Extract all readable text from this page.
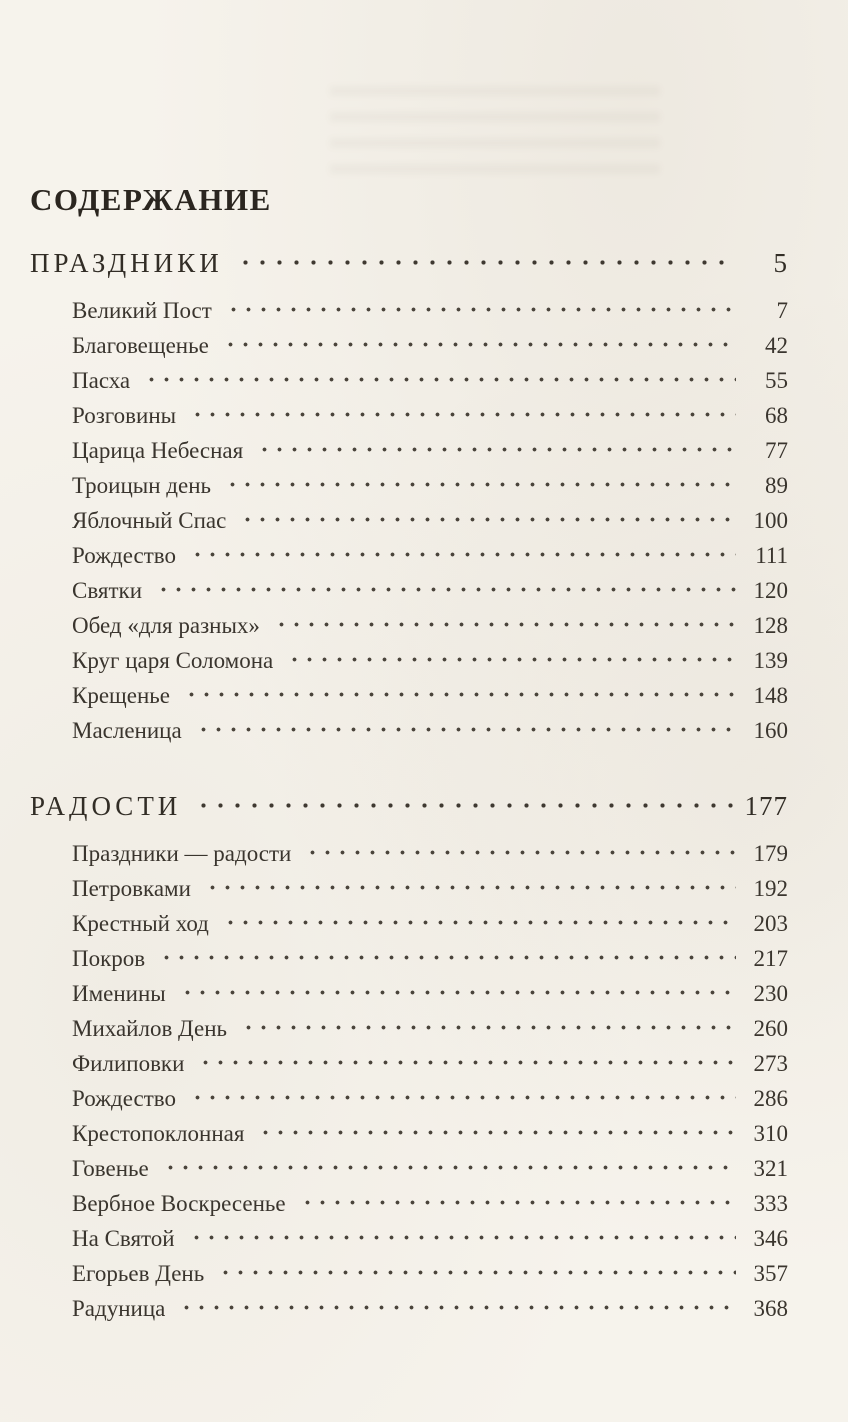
СОДЕРЖАНИЕ
ПРАЗДНИКИ	5
Великий Пост	7
Благовещенье	42
Пасха	55
Розговины	68
Царица Небесная	77
Троицын день	89
Яблочный Спас	100
Рождество	111
Святки	120
Обед «для разных»	128
Круг царя Соломона	139
Крещенье	148
Масленица	160
РАДОСТИ	177
Праздники — радости	179
Петровками	192
Крестный ход	203
Покров	217
Именины	230
Михайлов День	260
Филиповки	273
Рождество	286
Крестопоклонная	310
Говенье	321
Вербное Воскресенье	333
На Святой	346
Егорьев День	357
Радуница	368
